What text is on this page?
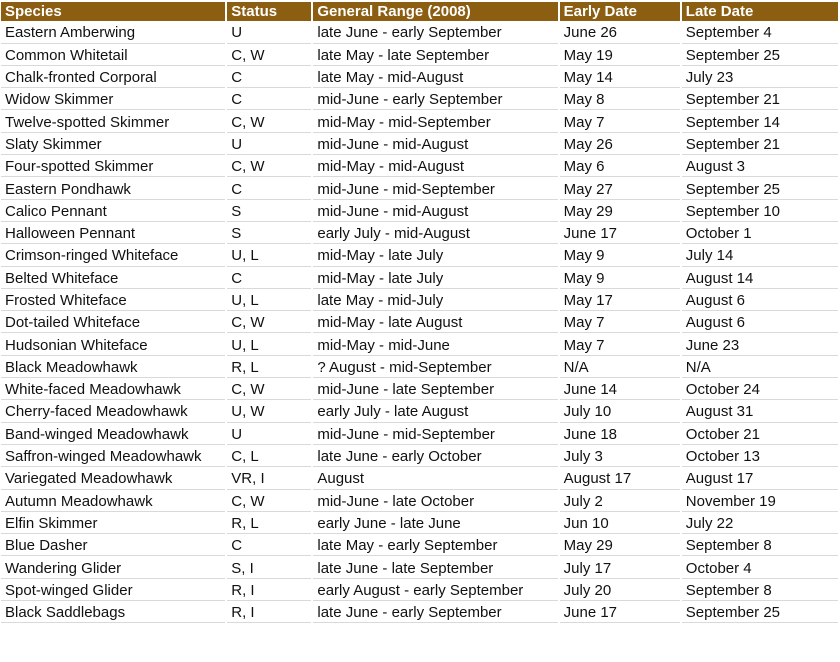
Species	Status	General Range (2008)	Early Date	Late Date
Eastern Amberwing	U	late June - early September	June 26	September 4
Common Whitetail	C, W	late May - late September	May 19	September 25
Chalk-fronted Corporal	C	late May - mid-August	May 14	July 23
Widow Skimmer	C	mid-June - early September	May 8	September 21
Twelve-spotted Skimmer	C, W	mid-May - mid-September	May 7	September 14
Slaty Skimmer	U	mid-June - mid-August	May 26	September 21
Four-spotted Skimmer	C, W	mid-May - mid-August	May 6	August 3
Eastern Pondhawk	C	mid-June - mid-September	May 27	September 25
Calico Pennant	S	mid-June - mid-August	May 29	September 10
Halloween Pennant	S	early July - mid-August	June 17	October 1
Crimson-ringed Whiteface	U, L	mid-May - late July	May 9	July 14
Belted Whiteface	C	mid-May - late July	May 9	August 14
Frosted Whiteface	U, L	late May - mid-July	May 17	August 6
Dot-tailed Whiteface	C, W	mid-May - late August	May 7	August 6
Hudsonian Whiteface	U, L	mid-May - mid-June	May 7	June 23
Black Meadowhawk	R, L	? August - mid-September	N/A	N/A
White-faced Meadowhawk	C, W	mid-June - late September	June 14	October 24
Cherry-faced Meadowhawk	U, W	early July - late August	July 10	August 31
Band-winged Meadowhawk	U	mid-June - mid-September	June 18	October 21
Saffron-winged Meadowhawk	C, L	late June - early October	July 3	October 13
Variegated Meadowhawk	VR, I	August	August 17	August 17
Autumn Meadowhawk	C, W	mid-June - late October	July 2	November 19
Elfin Skimmer	R, L	early June - late June	Jun 10	July 22
Blue Dasher	C	late May - early September	May 29	September 8
Wandering Glider	S, I	late June - late September	July 17	October 4
Spot-winged Glider	R, I	early August - early September	July 20	September 8
Black Saddlebags	R, I	late June - early September	June 17	September 25
